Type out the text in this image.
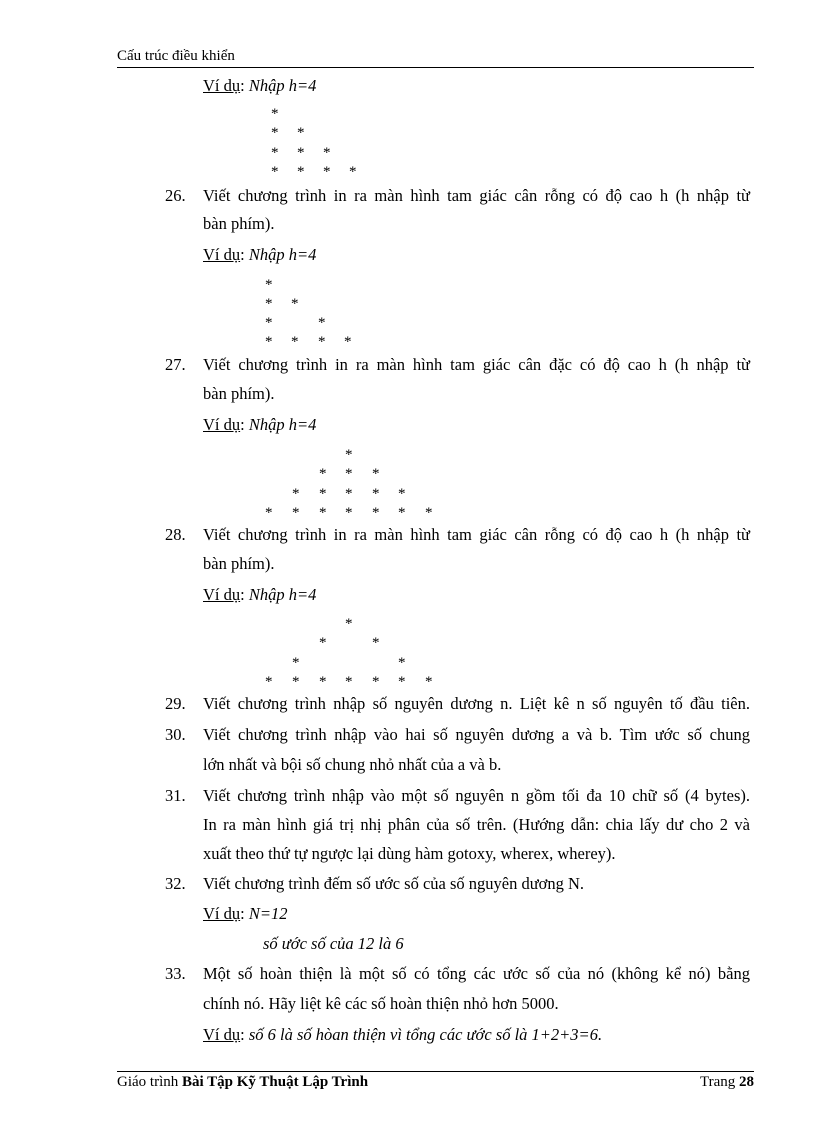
Cấu trúc điều khiển
Ví dụ: Nhập h=4
*
* *
* * *
* * * *
26. Viết chương trình in ra màn hình tam giác cân rỗng có độ cao h (h nhập từ
bàn phím).
Ví dụ: Nhập h=4
*
* *
*	*
* * * *
27. Viết chương trình in ra màn hình tam giác cân đặc có độ cao h (h nhập từ
bàn phím).
Ví dụ: Nhập h=4
*
* * *
* * * * *
* * * * * * *
28. Viết chương trình in ra màn hình tam giác cân rỗng có độ cao h (h nhập từ
bàn phím).
Ví dụ: Nhập h=4
*
*	*
*	*
* * * * * * *
29. Viết chương trình nhập số nguyên dương n. Liệt kê n số nguyên tố đầu tiên.
30. Viết chương trình nhập vào hai số nguyên dương a và b. Tìm ước số chung
lớn nhất và bội số chung nhỏ nhất của a và b.
31. Viết chương trình nhập vào một số nguyên n gồm tối đa 10 chữ số (4 bytes).
In ra màn hình giá trị nhị phân của số trên. (Hướng dẫn: chia lấy dư cho 2 và
xuất theo thứ tự ngược lại dùng hàm gotoxy, wherex, wherey).
32. Viết chương trình đếm số ước số của số nguyên dương N.
Ví dụ: N=12
số ước số của 12 là 6
33. Một số hoàn thiện là một số có tổng các ước số của nó (không kể nó) bằng
chính nó. Hãy liệt kê các số hoàn thiện nhỏ hơn 5000.
Ví dụ: số 6 là số hòan thiện vì tổng các ước số là 1+2+3=6.
Giáo trình Bài Tập Kỹ Thuật Lập Trình	Trang 28
